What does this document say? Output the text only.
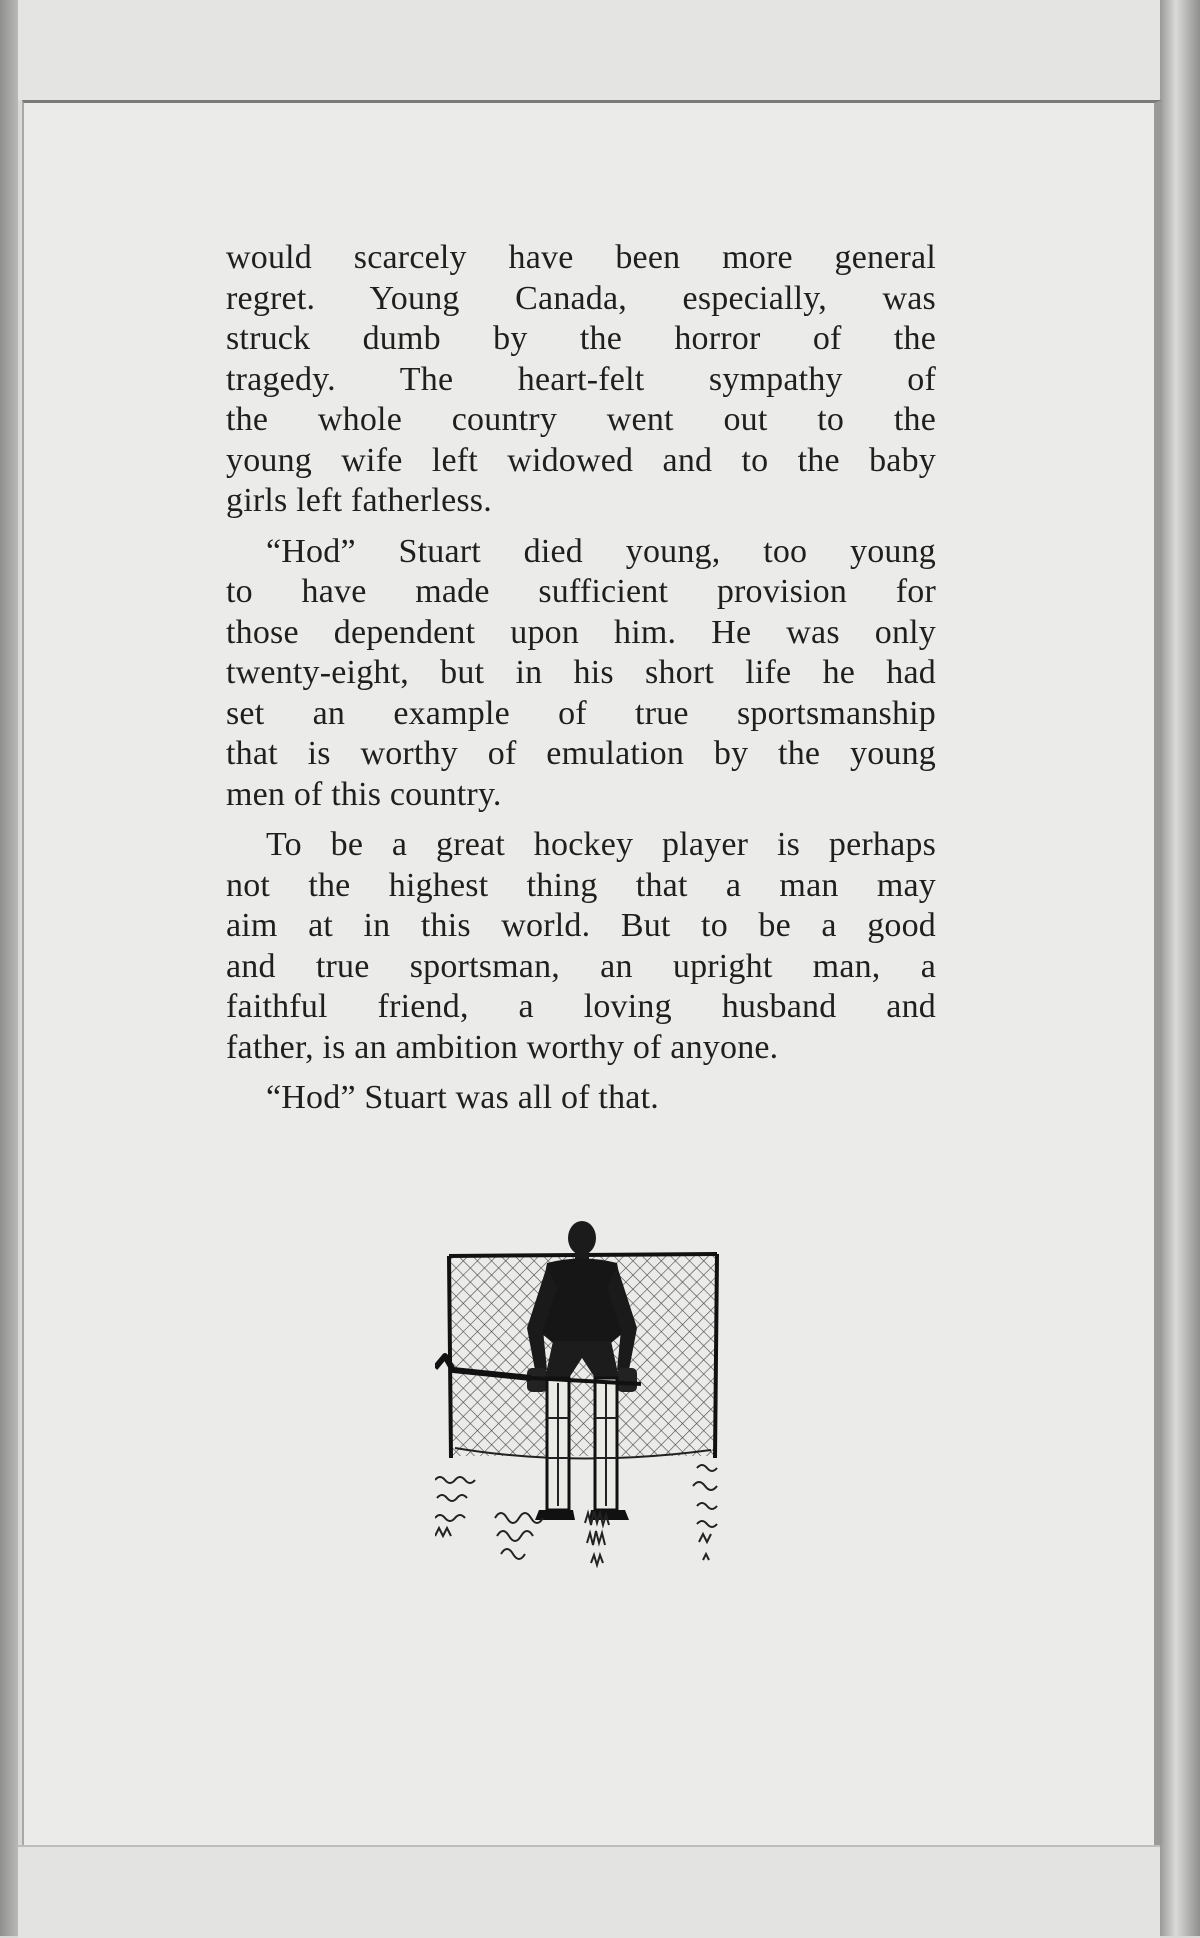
would scarcely have been more general
regret. Young Canada, especially, was
struck dumb by the horror of the
tragedy. The heart-felt sympathy of
the whole country went out to the
young wife left widowed and to the baby
girls left fatherless.
“Hod” Stuart died young, too young
to have made sufficient provision for
those dependent upon him. He was only
twenty-eight, but in his short life he had
set an example of true sportsmanship
that is worthy of emulation by the young
men of this country.
To be a great hockey player is perhaps
not the highest thing that a man may
aim at in this world. But to be a good
and true sportsman, an upright man, a
faithful friend, a loving husband and
father, is an ambition worthy of anyone.
“Hod” Stuart was all of that.
